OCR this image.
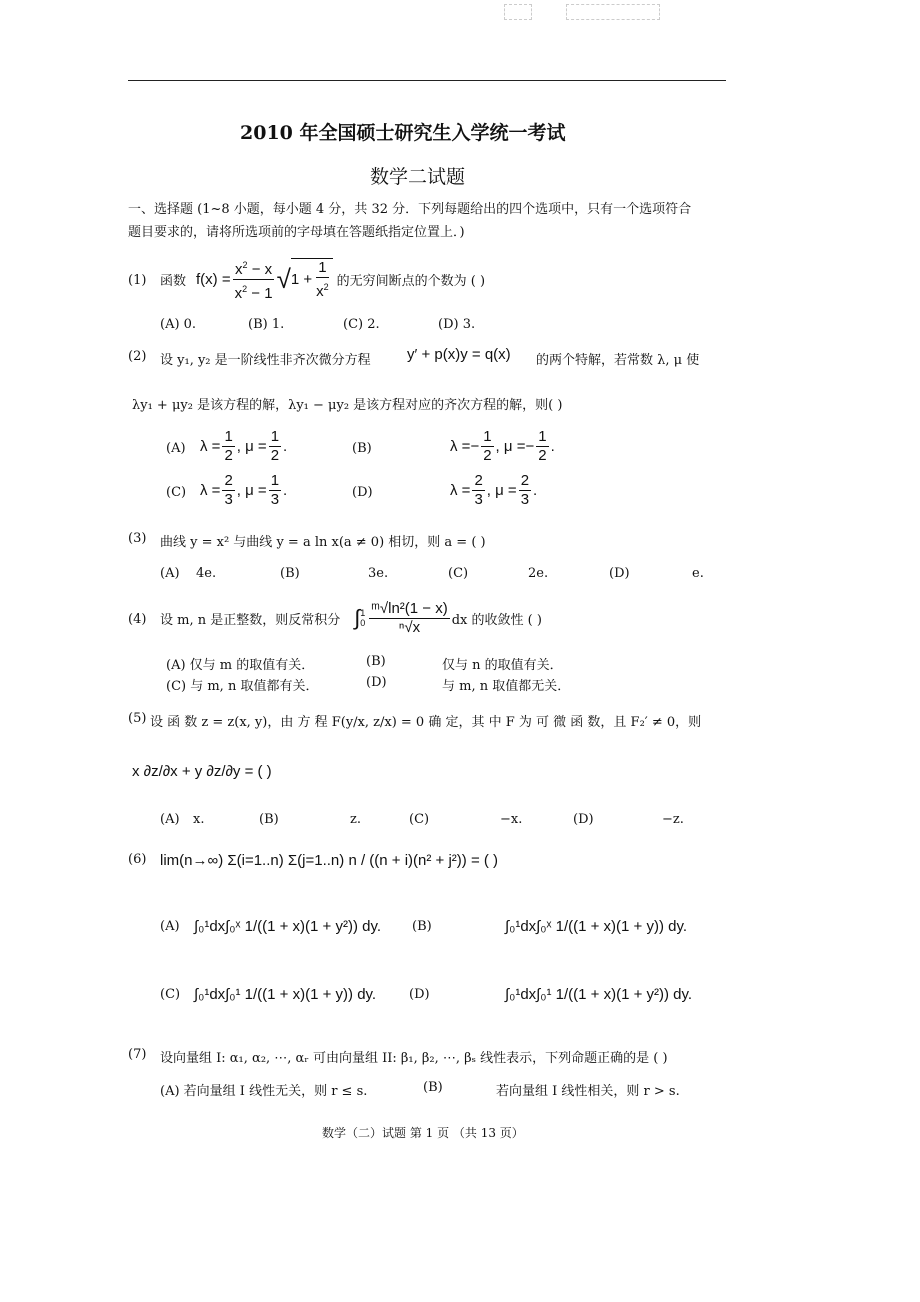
2010 年全国硕士研究生入学统一考试
数学二试题
一、选择题 (1~8 小题，每小题 4 分，共 32 分．下列每题给出的四个选项中，只有一个选项符合
题目要求的，请将所选项前的字母填在答题纸指定位置上．)
(1) 函数 $f(x) = \frac{x^2 - x}{x^2 - 1}$ √ $1 + \frac{1}{x^2}$ 的无穷间断点的个数为 ( )
(A) 0.	(B) 1.	(C) 2.	(D) 3.
(2) 设 y₁, y₂ 是一阶线性非齐次微分方程 y′ + p(x)y = q(x) 的两个特解，若常数 λ, μ 使
λy₁ + μy₂ 是该方程的解，λy₁ − μy₂ 是该方程对应的齐次方程的解，则( )
(A) $\lambda = \frac{1}{2}$ , $\mu = \frac{1}{2}$ .	(B)	λ = − $\frac{1}{2}$ , μ = − $\frac{1}{2}$ .
(C) $\lambda = \frac{2}{3}$ , $\mu = \frac{1}{3}$ .	(D)	$\lambda = \frac{2}{3}$ , $\mu = \frac{2}{3}$ .
(3) 曲线 y = x² 与曲线 y = a ln x(a ≠ 0) 相切，则 a = ( )
(A) 4e.	(B)	3e.	(C)	2e.	(D)	e.
(4) 设 m, n 是正整数，则反常积分 ∫ 1
$0 \frac{\text{ᵐ√ln²(1 − x)}}{\text{ⁿ√x}}$ dx 的收敛性 ( )
(A) 仅与 m 的取值有关．	(B)	仅与 n 的取值有关．
(C) 与 m, n 取值都有关．	(D)	与 m, n 取值都无关．
(5) 设 函 数 z = z(x, y)，由 方 程 F(y/x, z/x) = 0 确 定，其 中 F 为 可 微 函 数，且 F₂′ ≠ 0，则
x ∂z/∂x + y ∂z/∂y = ( )
(A) x.	(B)	z.	(C)	−x.	(D)	−z.
(6) lim(n→∞) Σ(i=1..n) Σ(j=1..n) n / ((n + i)(n² + j²)) = ( )
(A) ∫₀¹dx∫₀ˣ 1/((1 + x)(1 + y²)) dy. (B)	∫₀¹dx∫₀ˣ 1/((1 + x)(1 + y)) dy.
(C) ∫₀¹dx∫₀¹ 1/((1 + x)(1 + y)) dy.	(D)	∫₀¹dx∫₀¹ 1/((1 + x)(1 + y²)) dy.
(7) 设向量组 I: α₁, α₂, ⋯, αᵣ 可由向量组 II: β₁, β₂, ⋯, βₛ 线性表示，下列命题正确的是 ( )
(A) 若向量组 I 线性无关，则 r ≤ s.	(B)	若向量组 I 线性相关，则 r > s.
数学（二）试题 第 1 页 （共 13 页）
